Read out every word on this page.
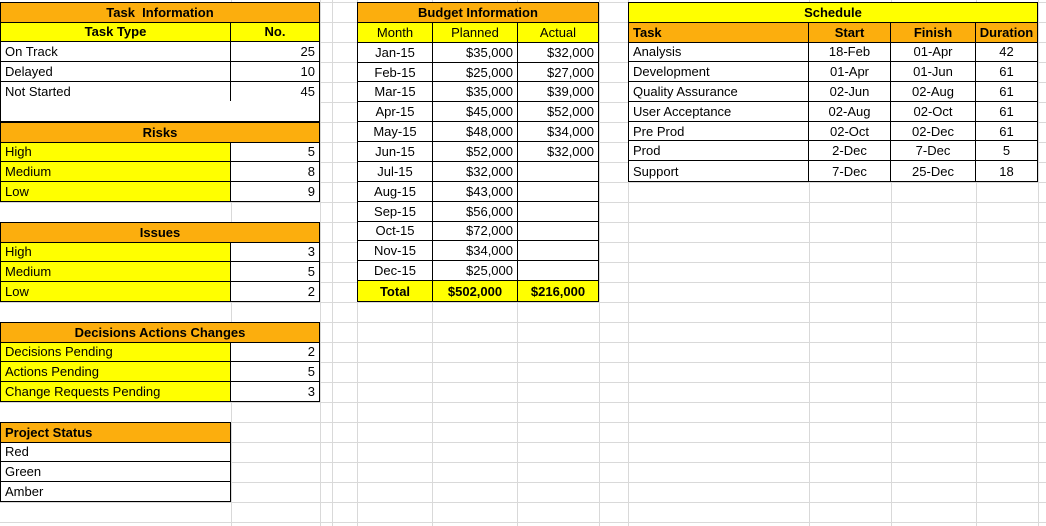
Task  Information
Task Type	No.
On Track	25
Delayed	10
Not Started	45
Risks
High	5
Medium	8
Low	9
Issues
High	3
Medium	5
Low	2
Decisions Actions Changes
Decisions Pending	2
Actions Pending	5
Change Requests Pending	3
Project Status
Red
Green
Amber
Budget Information
Month	Planned	Actual
Jan-15	$35,000	$32,000
Feb-15	$25,000	$27,000
Mar-15	$35,000	$39,000
Apr-15	$45,000	$52,000
May-15	$48,000	$34,000
Jun-15	$52,000	$32,000
Jul-15	$32,000
Aug-15	$43,000
Sep-15	$56,000
Oct-15	$72,000
Nov-15	$34,000
Dec-15	$25,000
Total	$502,000	$216,000
Schedule
Task	Start	Finish	Duration
Analysis	18-Feb	01-Apr	42
Development	01-Apr	01-Jun	61
Quality Assurance	02-Jun	02-Aug	61
User Acceptance	02-Aug	02-Oct	61
Pre Prod	02-Oct	02-Dec	61
Prod	2-Dec	7-Dec	5
Support	7-Dec	25-Dec	18
